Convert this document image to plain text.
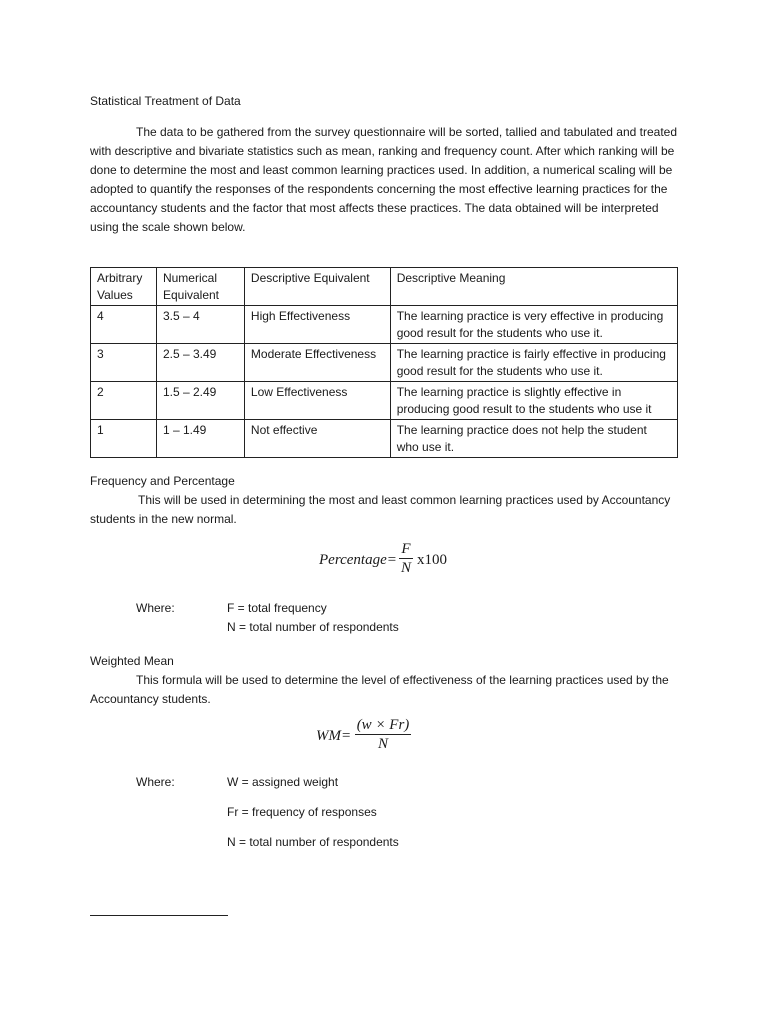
Statistical Treatment of Data

The data to be gathered from the survey questionnaire will be sorted, tallied and tabulated and treated with descriptive and bivariate statistics such as mean, ranking and frequency count. After which ranking will be done to determine the most and least common learning practices used. In addition, a numerical scaling will be adopted to quantify the responses of the respondents concerning the most effective learning practices for the accountancy students and the factor that most affects these practices. The data obtained will be interpreted using the scale shown below.

Arbitrary Values	Numerical Equivalent	Descriptive Equivalent	Descriptive Meaning
4	3.5 – 4	High Effectiveness	The learning practice is very effective in producing good result for the students who use it.
3	2.5 – 3.49	Moderate Effectiveness	The learning practice is fairly effective in producing good result for the students who use it.
2	1.5 – 2.49	Low Effectiveness	The learning practice is slightly effective in producing good result to the students who use it
1	1 – 1.49	Not effective	The learning practice does not help the student who use it.

Frequency and Percentage

This will be used in determining the most and least common learning practices used by Accountancy students in the new normal.

Percentage= $\frac{F}{N} x100$
Where:	F = total frequency
N = total number of respondents

Weighted Mean

This formula will be used to determine the level of effectiveness of the learning practices used by the Accountancy students.

$WM= \frac{(w \times Fr)}{N}$
Where:	W = assigned weight
Fr = frequency of responses
N = total number of respondents
